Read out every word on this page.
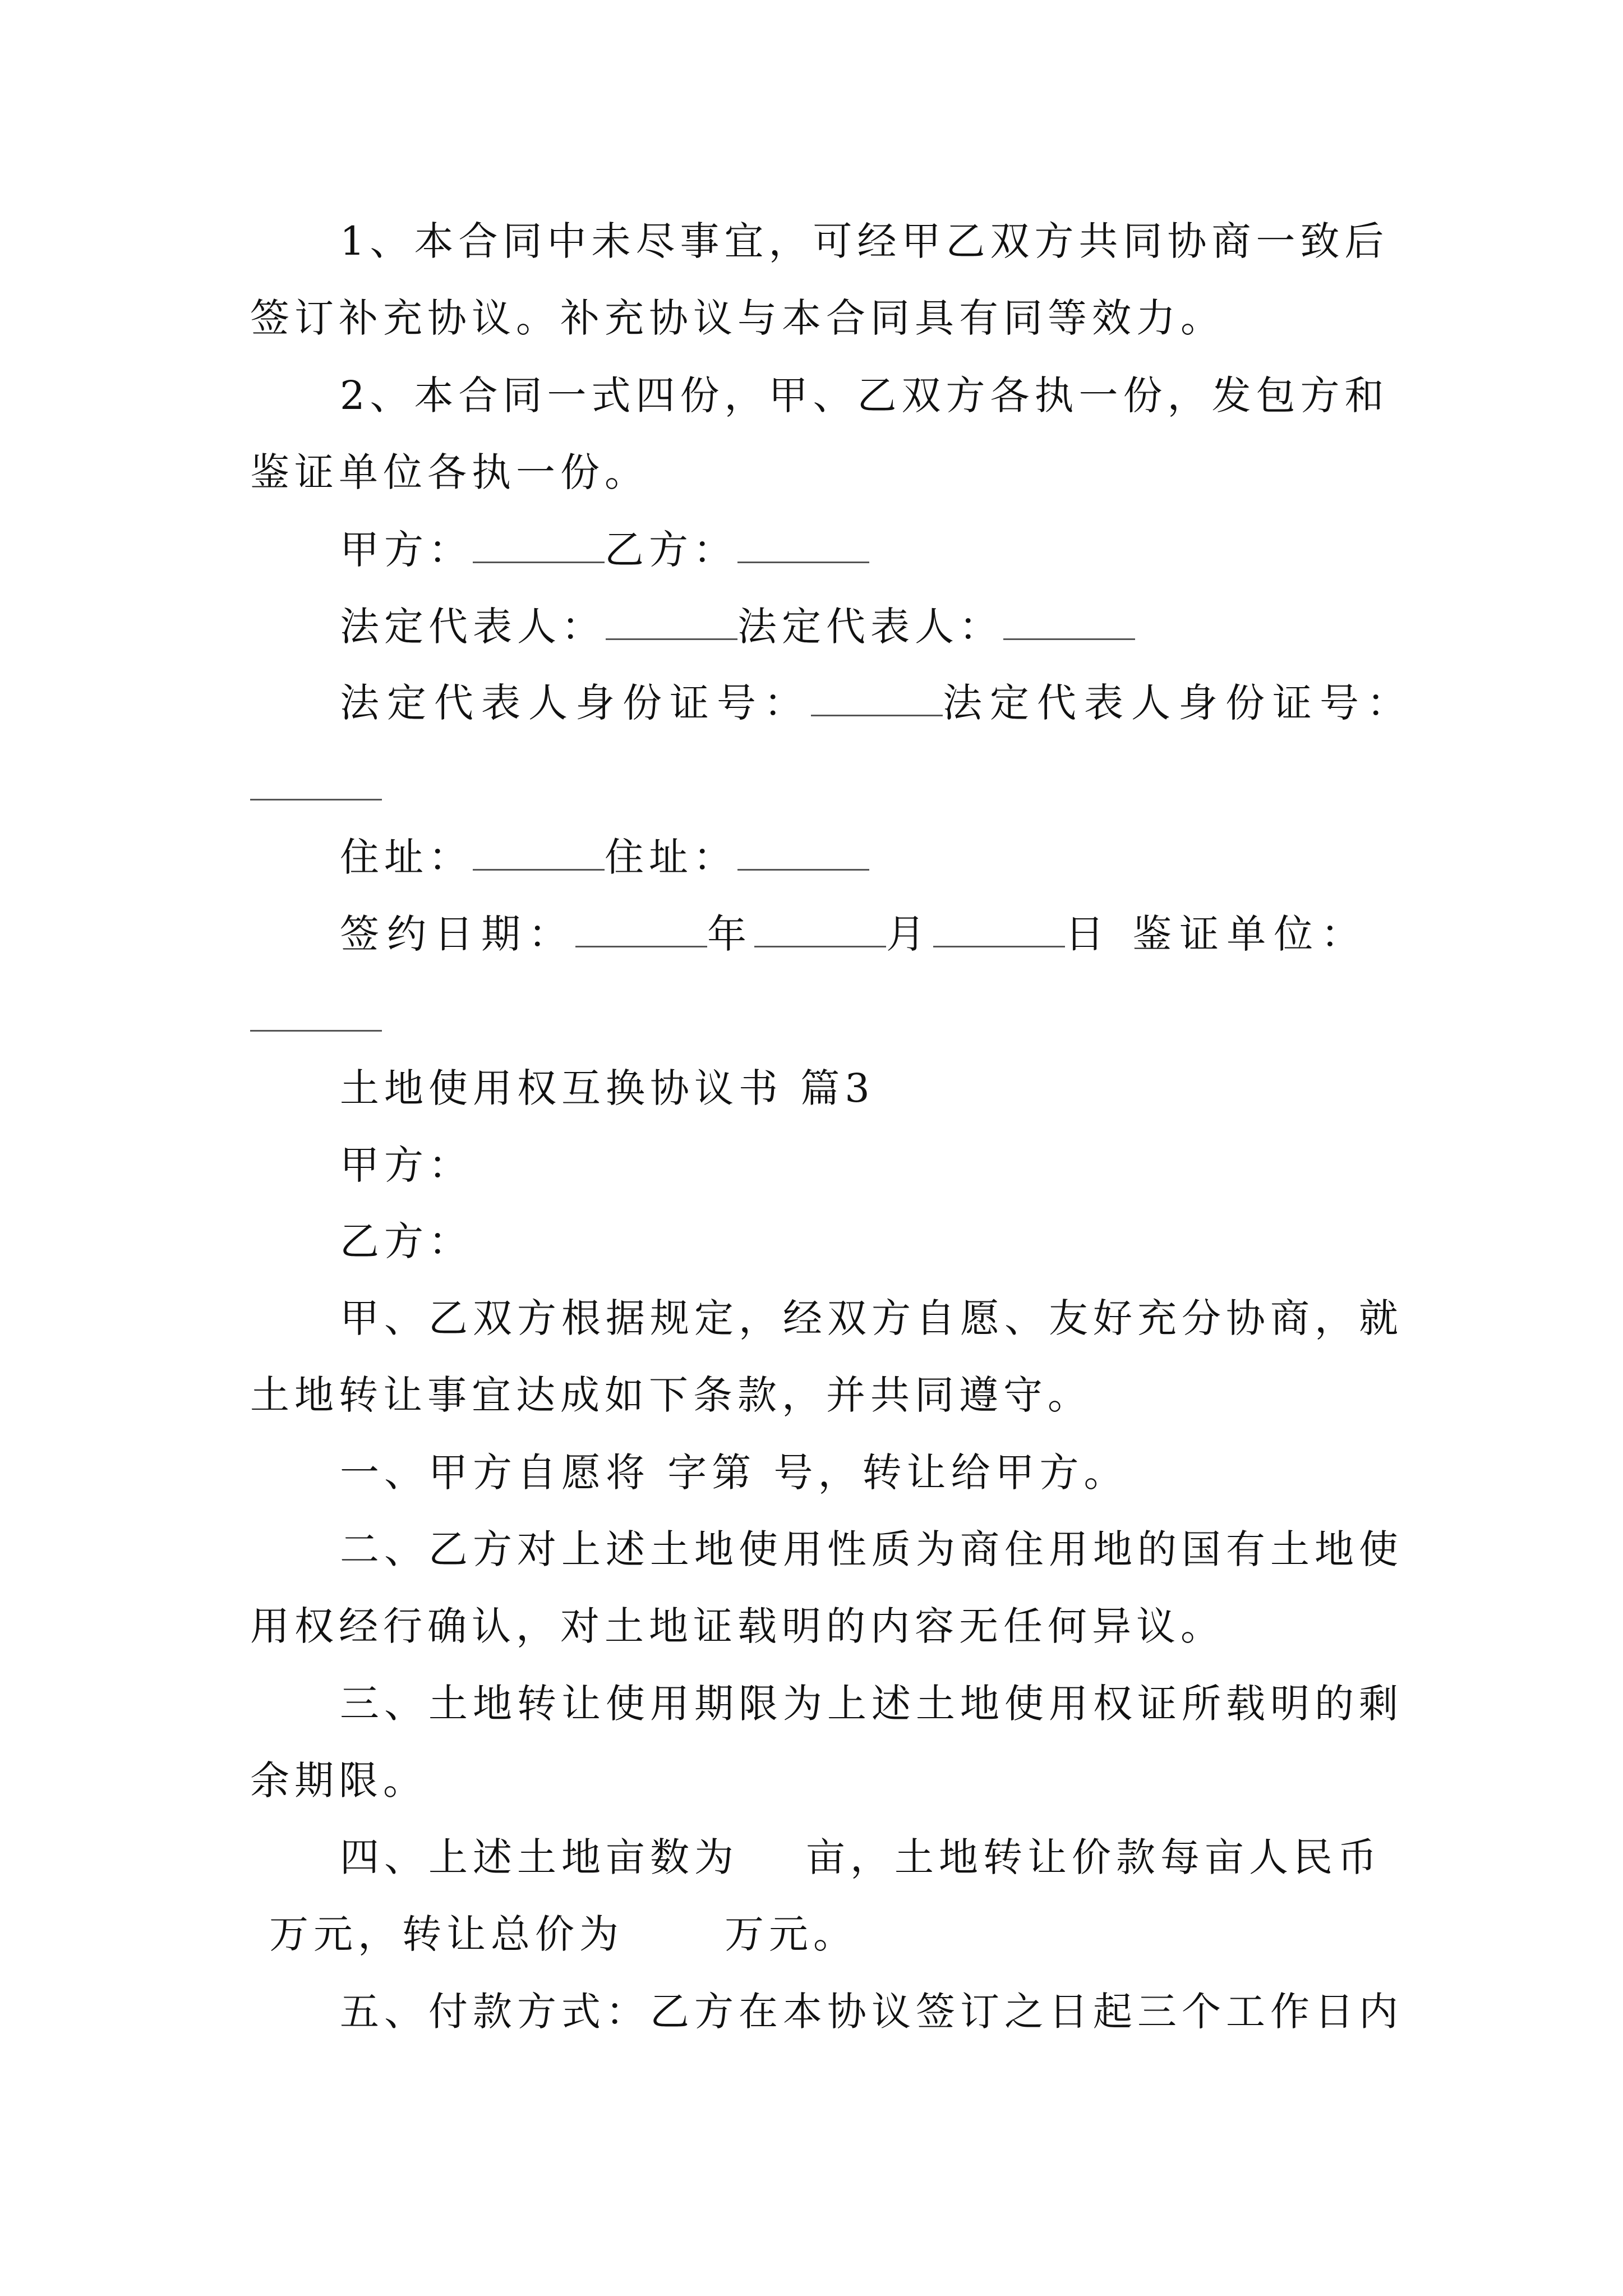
1、本合同中未尽事宜，可经甲乙双方共同协商一致后
签订补充协议。补充协议与本合同具有同等效力。
2、本合同一式四份，甲、乙双方各执一份，发包方和
鉴证单位各执一份。
甲方：	乙方：
法定代表人：	法定代表人：
法定代表人身份证号：	法定代表人身份证号：
住址：	住址：
签约日期：	年	月	日 鉴证单位：
土地使用权互换协议书 篇3
甲方：
乙方：
甲、乙双方根据规定，经双方自愿、友好充分协商，就
土地转让事宜达成如下条款，并共同遵守。
一、甲方自愿将 字第 号，转让给甲方。
二、乙方对上述土地使用性质为商住用地的国有土地使
用权经行确认，对土地证载明的内容无任何异议。
三、土地转让使用期限为上述土地使用权证所载明的剩
余期限。
四、上述土地亩数为 亩，土地转让价款每亩人民币
万元，转让总价为	万元。
五、付款方式：乙方在本协议签订之日起三个工作日内
